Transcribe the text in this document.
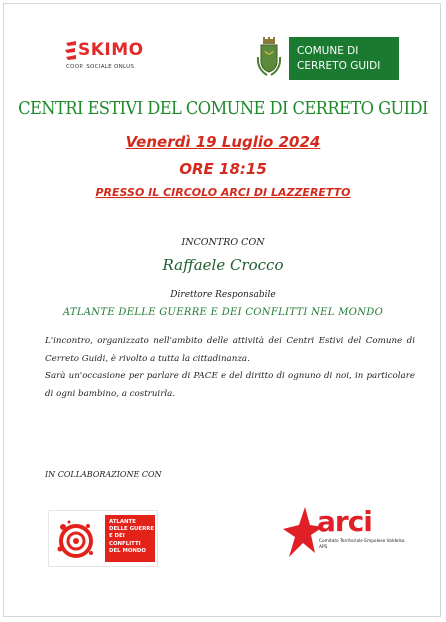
SKIMO
COOP. SOCIALE ONLUS
COMUNE DI
CERRETO GUIDI
CENTRI ESTIVI DEL COMUNE DI CERRETO GUIDI
Venerdì 19 Luglio 2024
ORE 18:15
PRESSO IL CIRCOLO ARCI DI LAZZERETTO
INCONTRO CON
Raffaele Crocco
Direttore Responsabile
ATLANTE DELLE GUERRE E DEI CONFLITTI NEL MONDO

L'incontro, organizzato nell'ambito delle attività dei Centri Estivi del Comune di Cerreto Guidi, è rivolto a tutta la cittadinanza.

Sarà un'occasione per parlare di PACE e del diritto di ognuno di noi, in particolare di ogni bambino, a costruirla.

IN COLLABORAZIONE CON
ATLANTE
DELLE GUERRE
E DEI
CONFLITTI
DEL MONDO
arci
Comitato Territoriale Empolese Valdelsa
APS
